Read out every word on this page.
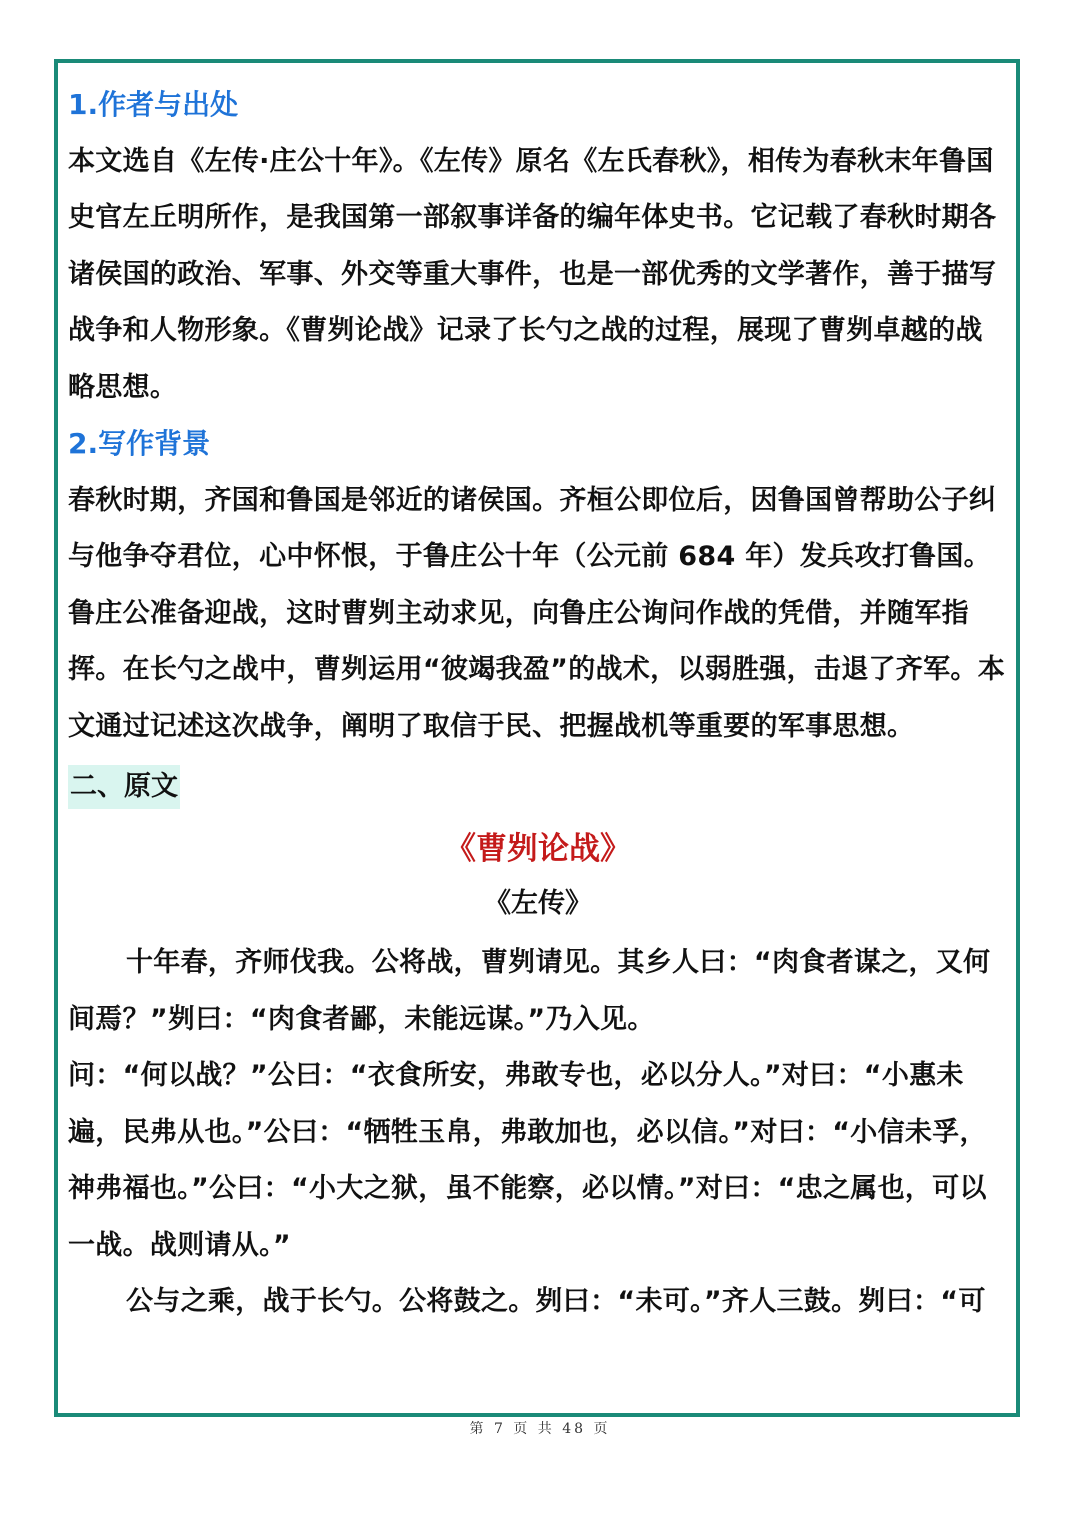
1.作者与出处

本文选自《左传·庄公十年》。《左传》原名《左氏春秋》，相传为春秋末年鲁国史官左丘明所作，是我国第一部叙事详备的编年体史书。它记载了春秋时期各诸侯国的政治、军事、外交等重大事件，也是一部优秀的文学著作，善于描写战争和人物形象。《曹刿论战》记录了长勺之战的过程，展现了曹刿卓越的战略思想。

2.写作背景

春秋时期，齐国和鲁国是邻近的诸侯国。齐桓公即位后，因鲁国曾帮助公子纠与他争夺君位，心中怀恨，于鲁庄公十年（公元前 684 年）发兵攻打鲁国。鲁庄公准备迎战，这时曹刿主动求见，向鲁庄公询问作战的凭借，并随军指挥。在长勺之战中，曹刿运用“彼竭我盈”的战术，以弱胜强，击退了齐军。本文通过记述这次战争，阐明了取信于民、把握战机等重要的军事思想。

二、原文

《曹刿论战》

《左传》

十年春，齐师伐我。公将战，曹刿请见。其乡人曰：“肉食者谋之，又何间焉？”刿曰：“肉食者鄙，未能远谋。”乃入见。

问：“何以战？”公曰：“衣食所安，弗敢专也，必以分人。”对曰：“小惠未遍，民弗从也。”公曰：“牺牲玉帛，弗敢加也，必以信。”对曰：“小信未孚，神弗福也。”公曰：“小大之狱，虽不能察，必以情。”对曰：“忠之属也，可以一战。战则请从。”

公与之乘，战于长勺。公将鼓之。刿曰：“未可。”齐人三鼓。刿曰：“可

第 7 页 共 48 页
